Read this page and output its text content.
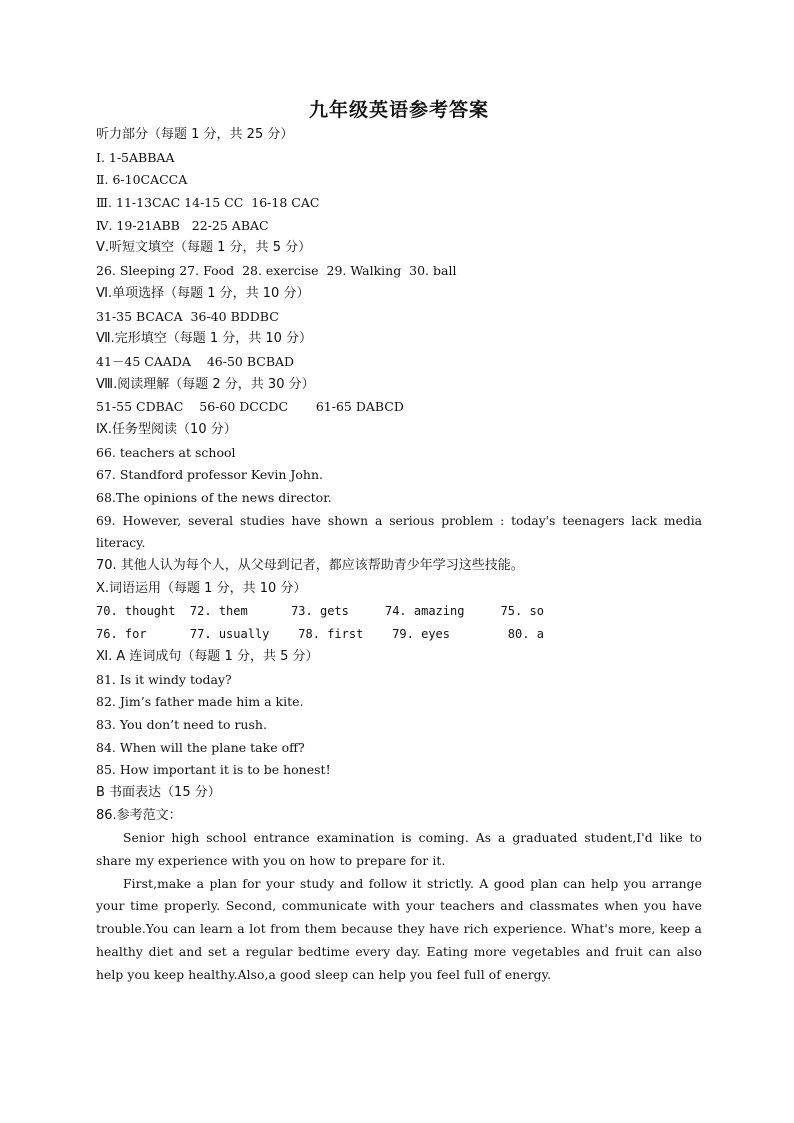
九年级英语参考答案
听力部分（每题 1 分，共 25 分）
Ⅰ. 1-5ABBAA
Ⅱ. 6-10CACCA
Ⅲ. 11-13CAC 14-15 CC  16-18 CAC
Ⅳ. 19-21ABB   22-25 ABAC
Ⅴ.听短文填空（每题 1 分，共 5 分）
26. Sleeping 27. Food  28. exercise  29. Walking  30. ball
Ⅵ.单项选择（每题 1 分，共 10 分）
31-35 BCACA  36-40 BDDBC
Ⅶ.完形填空（每题 1 分，共 10 分）
41－45 CAADA    46-50 BCBAD
Ⅷ.阅读理解（每题 2 分，共 30 分）
51-55 CDBAC    56-60 DCCDC       61-65 DABCD
Ⅸ.任务型阅读（10 分）
66. teachers at school
67. Standford professor Kevin John.
68.The opinions of the news director.

69. However, several studies have shown a serious problem : today's teenagers lack media literacy.

70. 其他人认为每个人，从父母到记者，都应该帮助青少年学习这些技能。
Ⅹ.词语运用（每题 1 分，共 10 分）
70. thought  72. them      73. gets     74. amazing     75. so
76. for      77. usually    78. first    79. eyes        80. a
Ⅺ. A 连词成句（每题 1 分，共 5 分）
81. Is it windy today?
82. Jim’s father made him a kite.
83. You don’t need to rush.
84. When will the plane take off?
85. How important it is to be honest!
B 书面表达（15 分）
86.参考范文：

Senior high school entrance examination is coming. As a graduated student,I'd like to share my experience with you on how to prepare for it.

First,make a plan for your study and follow it strictly. A good plan can help you arrange your time properly. Second, communicate with your teachers and classmates when you have trouble.You can learn a lot from them because they have rich experience. What's more, keep a healthy diet and set a regular bedtime every day. Eating more vegetables and fruit can also help you keep healthy.Also,a good sleep can help you feel full of energy.
